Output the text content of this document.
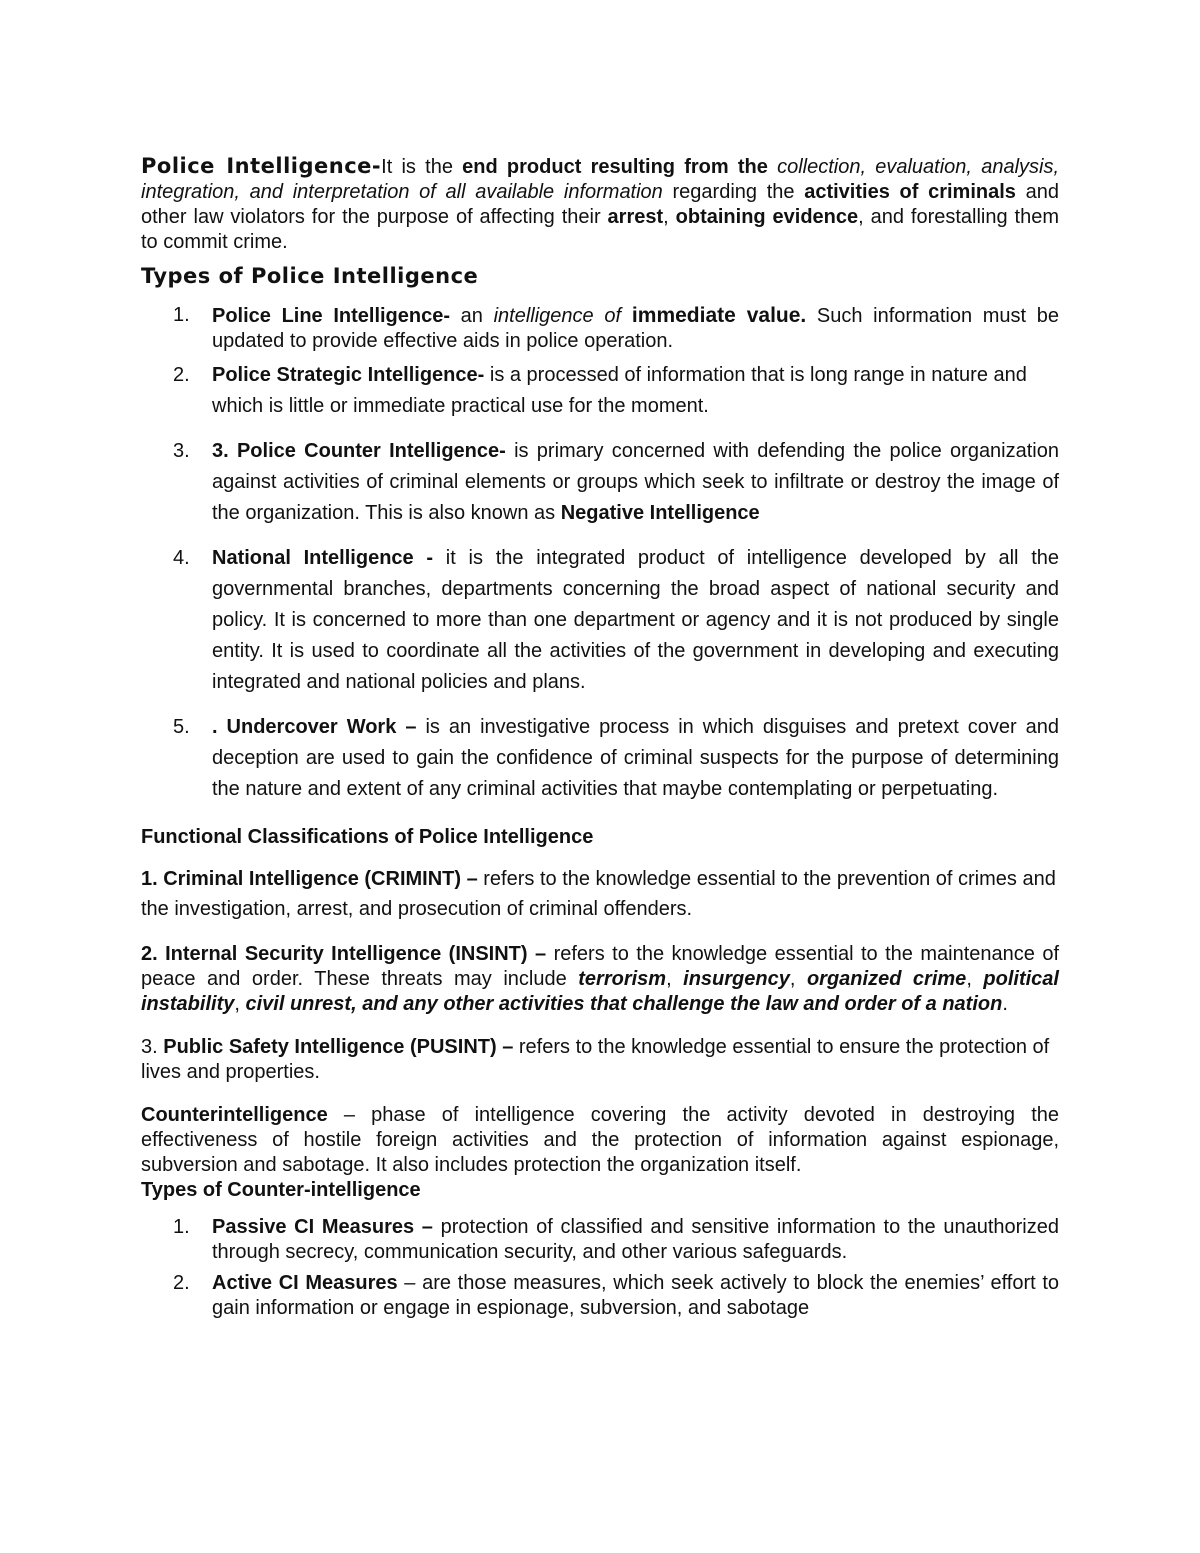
Police Intelligence-It is the end product resulting from the collection, evaluation, analysis, integration, and interpretation of all available information regarding the activities of criminals and other law violators for the purpose of affecting their arrest, obtaining evidence, and forestalling them to commit crime.

Types of Police Intelligence
1. Police Line Intelligence- an intelligence of immediate value. Such information must be updated to provide effective aids in police operation.
2. Police Strategic Intelligence- is a processed of information that is long range in nature and which is little or immediate practical use for the moment.
3. 3. Police Counter Intelligence- is primary concerned with defending the police organization against activities of criminal elements or groups which seek to infiltrate or destroy the image of the organization. This is also known as Negative Intelligence
4. National Intelligence - it is the integrated product of intelligence developed by all the governmental branches, departments concerning the broad aspect of national security and policy. It is concerned to more than one department or agency and it is not produced by single entity. It is used to coordinate all the activities of the government in developing and executing integrated and national policies and plans.
5. . Undercover Work – is an investigative process in which disguises and pretext cover and deception are used to gain the confidence of criminal suspects for the purpose of determining the nature and extent of any criminal activities that maybe contemplating or perpetuating.

Functional Classifications of Police Intelligence

1. Criminal Intelligence (CRIMINT) – refers to the knowledge essential to the prevention of crimes and the investigation, arrest, and prosecution of criminal offenders.

2. Internal Security Intelligence (INSINT) – refers to the knowledge essential to the maintenance of peace and order. These threats may include terrorism, insurgency, organized crime, political instability, civil unrest, and any other activities that challenge the law and order of a nation.

3. Public Safety Intelligence (PUSINT) – refers to the knowledge essential to ensure the protection of lives and properties.

Counterintelligence – phase of intelligence covering the activity devoted in destroying the effectiveness of hostile foreign activities and the protection of information against espionage, subversion and sabotage. It also includes protection the organization itself.

Types of Counter-intelligence

1. Passive CI Measures – protection of classified and sensitive information to the unauthorized through secrecy, communication security, and other various safeguards.
2. Active CI Measures – are those measures, which seek actively to block the enemies’ effort to gain information or engage in espionage, subversion, and sabotage
